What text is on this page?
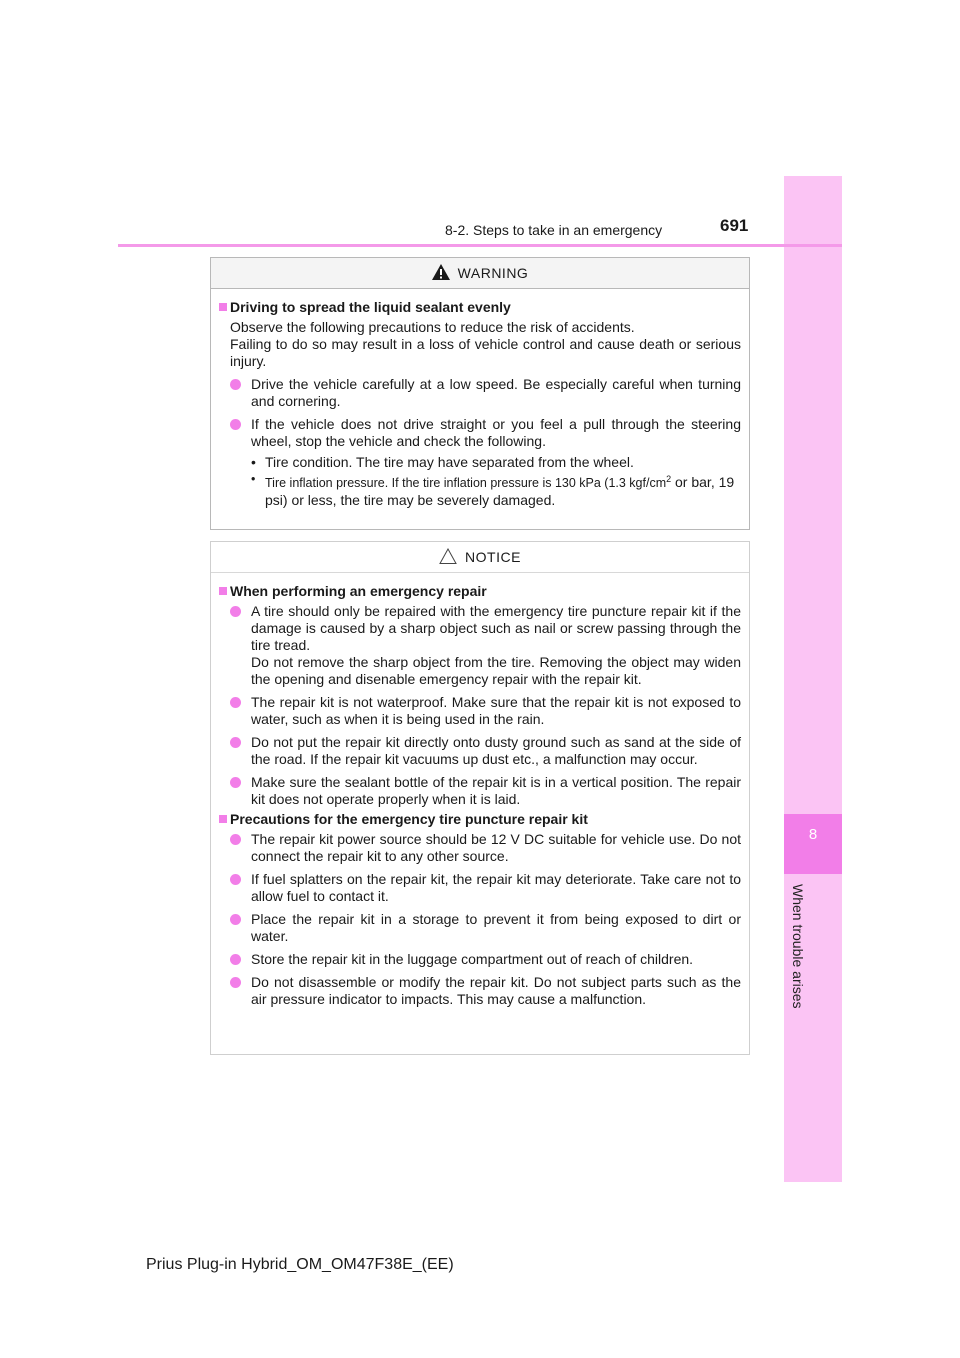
8
When trouble arises
8-2. Steps to take in an emergency	691
WARNING
Driving to spread the liquid sealant evenly
Observe the following precautions to reduce the risk of accidents.
Failing to do so may result in a loss of vehicle control and cause death or serious injury.
Drive the vehicle carefully at a low speed. Be especially careful when turning and cornering.
If the vehicle does not drive straight or you feel a pull through the steering wheel, stop the vehicle and check the following.
• Tire condition. The tire may have separated from the wheel.
• Tire inflation pressure. If the tire inflation pressure is 130 kPa (1.3 kgf/$cm^2$ or bar, 19 psi) or less, the tire may be severely damaged.
NOTICE
When performing an emergency repair
A tire should only be repaired with the emergency tire puncture repair kit if the damage is caused by a sharp object such as nail or screw passing through the tire tread.
Do not remove the sharp object from the tire. Removing the object may widen the opening and disenable emergency repair with the repair kit.
The repair kit is not waterproof. Make sure that the repair kit is not exposed to water, such as when it is being used in the rain.
Do not put the repair kit directly onto dusty ground such as sand at the side of the road. If the repair kit vacuums up dust etc., a malfunction may occur.
Make sure the sealant bottle of the repair kit is in a vertical position. The repair kit does not operate properly when it is laid.
Precautions for the emergency tire puncture repair kit
The repair kit power source should be 12 V DC suitable for vehicle use. Do not connect the repair kit to any other source.
If fuel splatters on the repair kit, the repair kit may deteriorate. Take care not to allow fuel to contact it.
Place the repair kit in a storage to prevent it from being exposed to dirt or water.
Store the repair kit in the luggage compartment out of reach of children.
Do not disassemble or modify the repair kit. Do not subject parts such as the air pressure indicator to impacts. This may cause a malfunction.
Prius Plug-in Hybrid_OM_OM47F38E_(EE)
